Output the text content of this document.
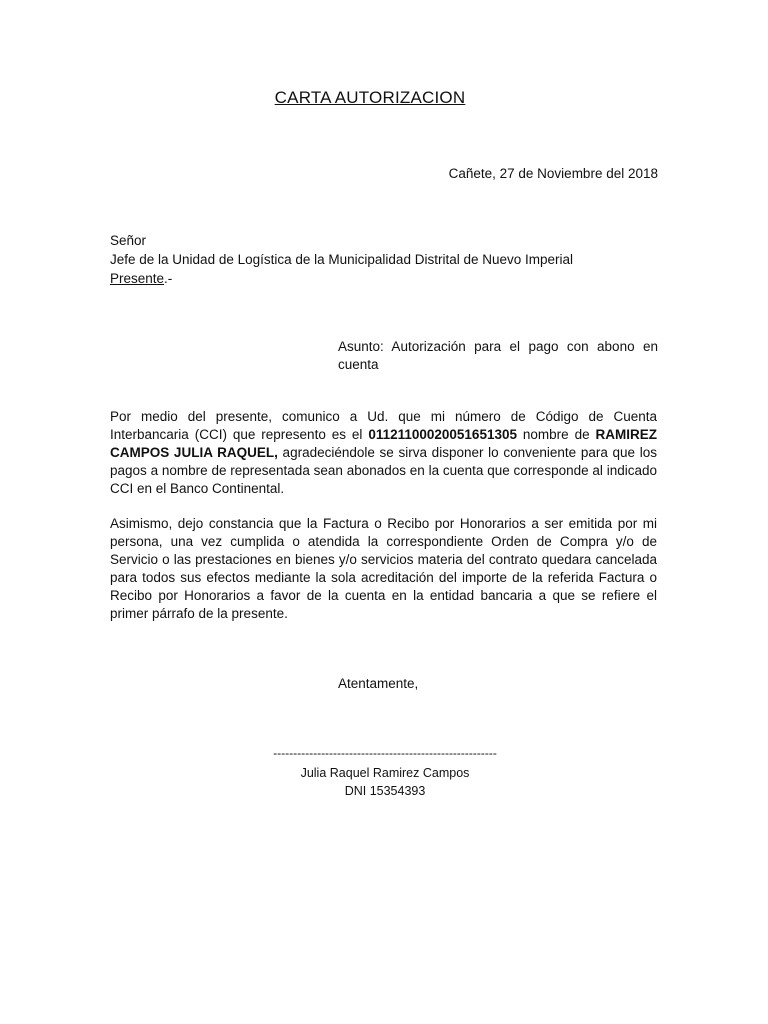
CARTA AUTORIZACION
Cañete, 27 de Noviembre del 2018
Señor
Jefe de la Unidad de Logística de la Municipalidad Distrital de Nuevo Imperial
Presente.-
Asunto: Autorización para el pago con abono en cuenta
Por medio del presente, comunico a Ud. que mi número de Código de Cuenta Interbancaria (CCI) que represento es el 01121100020051651305 nombre de RAMIREZ CAMPOS JULIA RAQUEL, agradeciéndole se sirva disponer lo conveniente para que los pagos a nombre de representada sean abonados en la cuenta que corresponde al indicado CCI en el Banco Continental.
Asimismo, dejo constancia que la Factura o Recibo por Honorarios a ser emitida por mi persona, una vez cumplida o atendida la correspondiente Orden de Compra y/o de Servicio o las prestaciones en bienes y/o servicios materia del contrato quedara cancelada para todos sus efectos mediante la sola acreditación del importe de la referida Factura o Recibo por Honorarios a favor de la cuenta en la entidad bancaria a que se refiere el primer párrafo de la presente.
Atentamente,
--------------------------------------------------------
Julia Raquel Ramirez Campos
DNI 15354393
